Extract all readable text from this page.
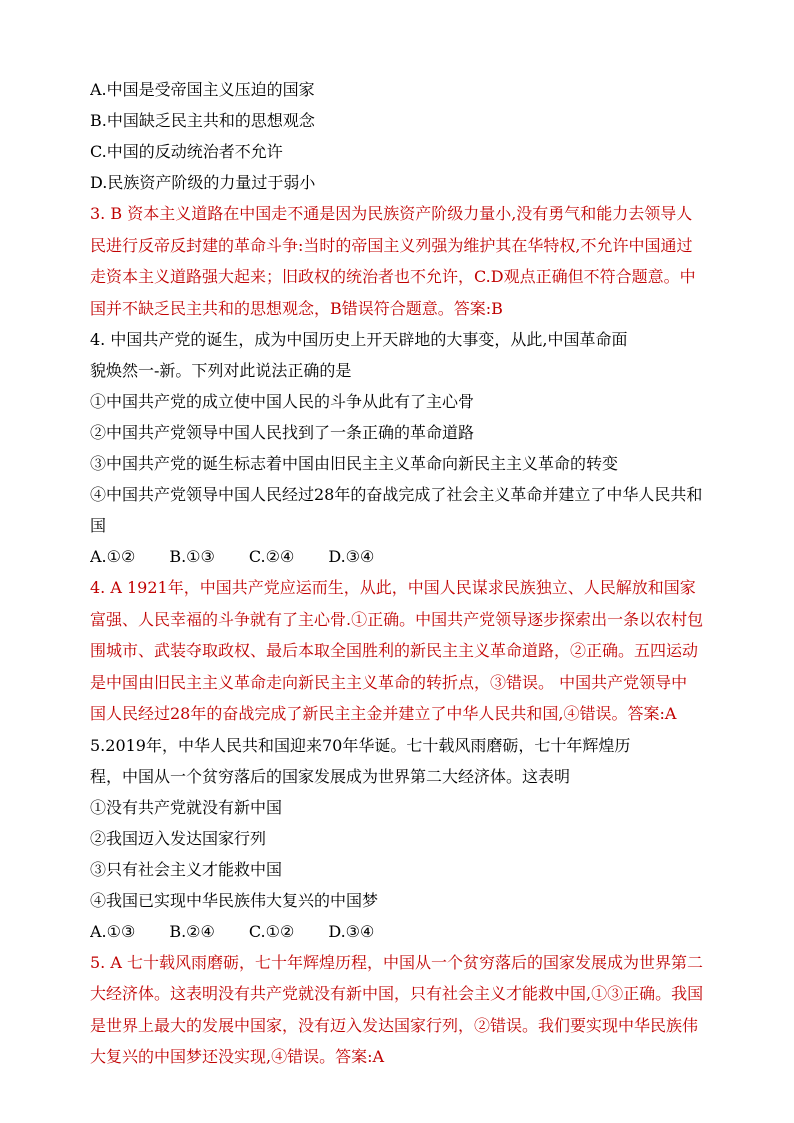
A.中国是受帝国主义压迫的国家
B.中国缺乏民主共和的思想观念
C.中国的反动统治者不允许
D.民族资产阶级的力量过于弱小
3. B 资本主义道路在中国走不通是因为民族资产阶级力量小,没有勇气和能力去领导人
民进行反帝反封建的革命斗争:当时的帝国主义列强为维护其在华特权,不允许中国通过
走资本主义道路强大起来；旧政权的统治者也不允许，C.D观点正确但不符合题意。中
国并不缺乏民主共和的思想观念，B错误符合题意。答案:B
4. 中国共产党的诞生，成为中国历史上开天辟地的大事变，从此,中国革命面
貌焕然一-新。下列对此说法正确的是
①中国共产党的成立使中国人民的斗争从此有了主心骨
②中国共产党领导中国人民找到了一条正确的革命道路
③中国共产党的诞生标志着中国由旧民主主义革命向新民主主义革命的转变
④中国共产党领导中国人民经过28年的奋战完成了社会主义革命并建立了中华人民共和
国
A.①② B.①③ C.②④ D.③④
4. A 1921年，中国共产党应运而生，从此，中国人民谋求民族独立、人民解放和国家
富强、人民幸福的斗争就有了主心骨.①正确。中国共产党领导逐步探索出一条以农村包
围城市、武装夺取政权、最后本取全国胜利的新民主主义革命道路，②正确。五四运动
是中国由旧民主主义革命走向新民主主义革命的转折点，③错误。 中国共产党领导中
国人民经过28年的奋战完成了新民主主金并建立了中华人民共和国,④错误。答案:A
5.2019年，中华人民共和国迎来70年华诞。七十载风雨磨砺，七十年辉煌历
程，中国从一个贫穷落后的国家发展成为世界第二大经济体。这表明
①没有共产党就没有新中国
②我国迈入发达国家行列
③只有社会主义才能救中国
④我国已实现中华民族伟大复兴的中国梦
A.①③ B.②④ C.①② D.③④
5. A 七十载风雨磨砺，七十年辉煌历程，中国从一个贫穷落后的国家发展成为世界第二
大经济体。这表明没有共产党就没有新中国，只有社会主义才能救中国,①③正确。我国
是世界上最大的发展中国家，没有迈入发达国家行列，②错误。我们要实现中华民族伟
大复兴的中国梦还没实现,④错误。答案:A
